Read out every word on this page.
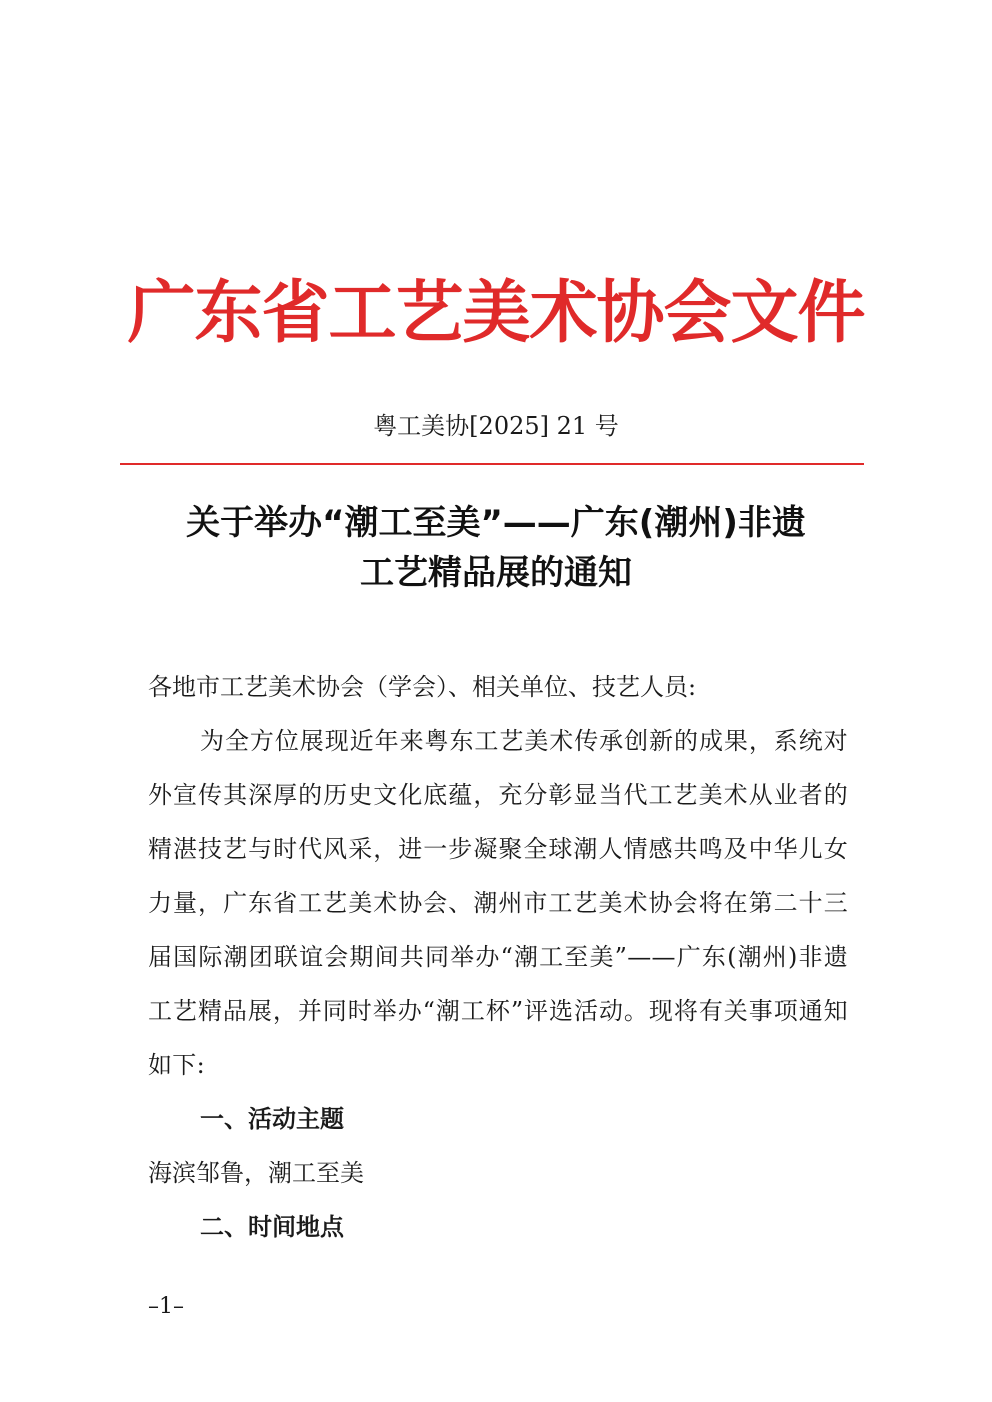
广东省工艺美术协会文件
粤工美协[2025] 21 号
关于举办“潮工至美”——广东(潮州)非遗
工艺精品展的通知
各地市工艺美术协会（学会）、相关单位、技艺人员:

为全方位展现近年来粤东工艺美术传承创新的成果，系统对外宣传其深厚的历史文化底蕴，充分彰显当代工艺美术从业者的精湛技艺与时代风采，进一步凝聚全球潮人情感共鸣及中华儿女力量，广东省工艺美术协会、潮州市工艺美术协会将在第二十三届国际潮团联谊会期间共同举办“潮工至美”——广东(潮州)非遗工艺精品展，并同时举办“潮工杯”评选活动。现将有关事项通知如下:

一、活动主题
海滨邹鲁，潮工至美
二、时间地点
–1–
